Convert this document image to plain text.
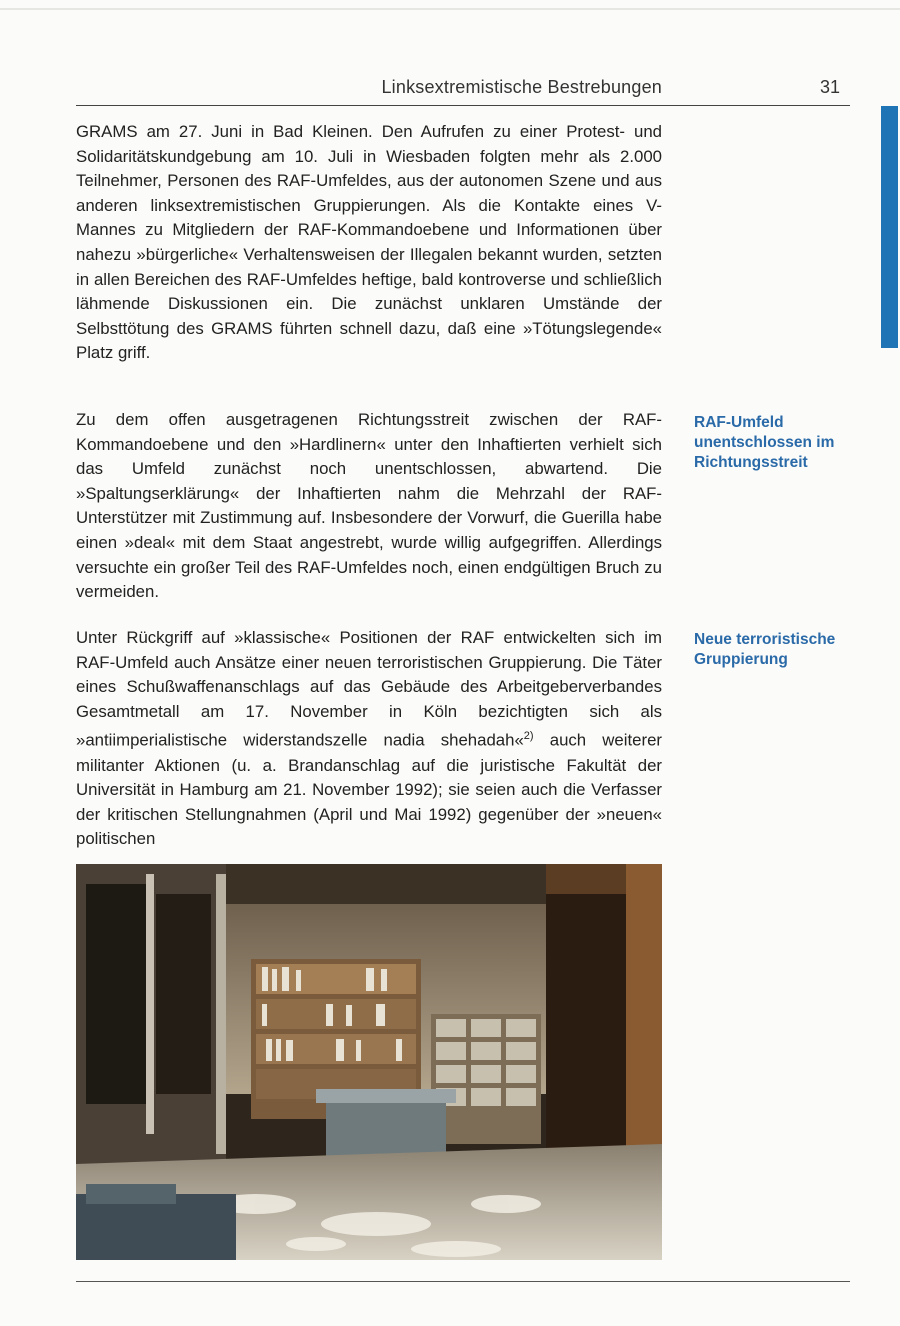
Linksextremistische Bestrebungen	31

GRAMS am 27. Juni in Bad Kleinen. Den Aufrufen zu einer Protest- und Solidaritätskundgebung am 10. Juli in Wiesbaden folgten mehr als 2.000 Teilnehmer, Personen des RAF-Umfeldes, aus der autonomen Szene und aus anderen linksextremistischen Gruppierungen. Als die Kontakte eines V-Mannes zu Mitgliedern der RAF-Kommandoebene und Informationen über nahezu »bürgerliche« Verhaltensweisen der Illegalen bekannt wurden, setzten in allen Bereichen des RAF-Umfeldes heftige, bald kontroverse und schließlich lähmende Diskussionen ein. Die zunächst unklaren Umstände der Selbsttötung des GRAMS führten schnell dazu, daß eine »Tötungslegende« Platz griff.

Zu dem offen ausgetragenen Richtungsstreit zwischen der RAF-Kommandoebene und den »Hardlinern« unter den Inhaftierten verhielt sich das Umfeld zunächst noch unentschlossen, abwartend. Die »Spaltungserklärung« der Inhaftierten nahm die Mehrzahl der RAF-Unterstützer mit Zustimmung auf. Insbesondere der Vorwurf, die Guerilla habe einen »deal« mit dem Staat angestrebt, wurde willig aufgegriffen. Allerdings versuchte ein großer Teil des RAF-Umfeldes noch, einen endgültigen Bruch zu vermeiden.

RAF-Umfeld unentschlossen im Richtungsstreit

Unter Rückgriff auf »klassische« Positionen der RAF entwickelten sich im RAF-Umfeld auch Ansätze einer neuen terroristischen Gruppierung. Die Täter eines Schußwaffenanschlags auf das Gebäude des Arbeitgeberverbandes Gesamtmetall am 17. November in Köln bezichtigten sich als »antiimperialistische widerstandszelle nadia shehadah«$^{2)}$ auch weiterer militanter Aktionen (u. a. Brandanschlag auf die juristische Fakultät der Universität in Hamburg am 21. November 1992); sie seien auch die Verfasser der kritischen Stellungnahmen (April und Mai 1992) gegenüber der »neuen« politischen

Neue terroristische Gruppierung
